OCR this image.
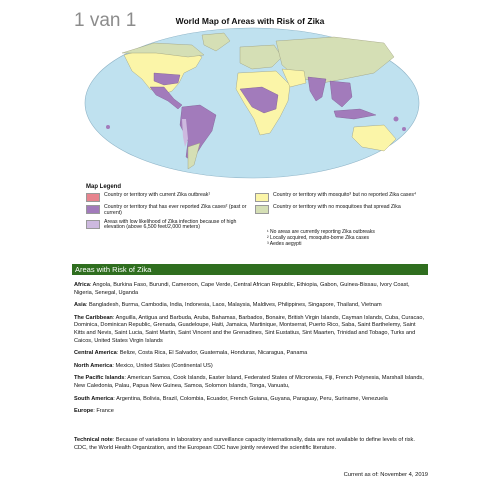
1 van 1	World Map of Areas with Risk of Zika
Map Legend
Country or territory with current Zika outbreak¹
Country or territory that has ever reported Zika cases² (past or current)
Areas with low likelihood of Zika infection because of high elevation (above 6,500 feet/2,000 meters)
Country or territory with mosquito³ but no reported Zika cases⁴
Country or territory with no mosquitoes that spread Zika
¹ No areas are currently reporting Zika outbreaks
² Locally acquired, mosquito-borne Zika cases
³ Aedes aegypti
Areas with Risk of Zika

Africa: Angola, Burkina Faso, Burundi, Cameroon, Cape Verde, Central African Republic, Ethiopia, Gabon, Guinea-Bissau, Ivory Coast, Nigeria, Senegal, Uganda

Asia: Bangladesh, Burma, Cambodia, India, Indonesia, Laos, Malaysia, Maldives, Philippines, Singapore, Thailand, Vietnam

The Caribbean: Anguilla, Antigua and Barbuda, Aruba, Bahamas, Barbados, Bonaire, British Virgin Islands, Cayman Islands, Cuba, Curacao, Dominica, Dominican Republic, Grenada, Guadeloupe, Haiti, Jamaica, Martinique, Montserrat, Puerto Rico, Saba, Saint Barthelemy, Saint Kitts and Nevis, Saint Lucia, Saint Martin, Saint Vincent and the Grenadines, Sint Eustatius, Sint Maarten, Trinidad and Tobago, Turks and Caicos, United States Virgin Islands

Central America: Belize, Costa Rica, El Salvador, Guatemala, Honduras, Nicaragua, Panama

North America: Mexico, United States (Continental US)

The Pacific Islands: American Samoa, Cook Islands, Easter Island, Federated States of Micronesia, Fiji, French Polynesia, Marshall Islands, New Caledonia, Palau, Papua New Guinea, Samoa, Solomon Islands, Tonga, Vanuatu,

South America: Argentina, Bolivia, Brazil, Colombia, Ecuador, French Guiana, Guyana, Paraguay, Peru, Suriname, Venezuela

Europe: France

Technical note: Because of variations in laboratory and surveillance capacity internationally, data are not available to define levels of risk. CDC, the World Health Organization, and the European CDC have jointly reviewed the scientific literature.

Current as of: November 4, 2019
